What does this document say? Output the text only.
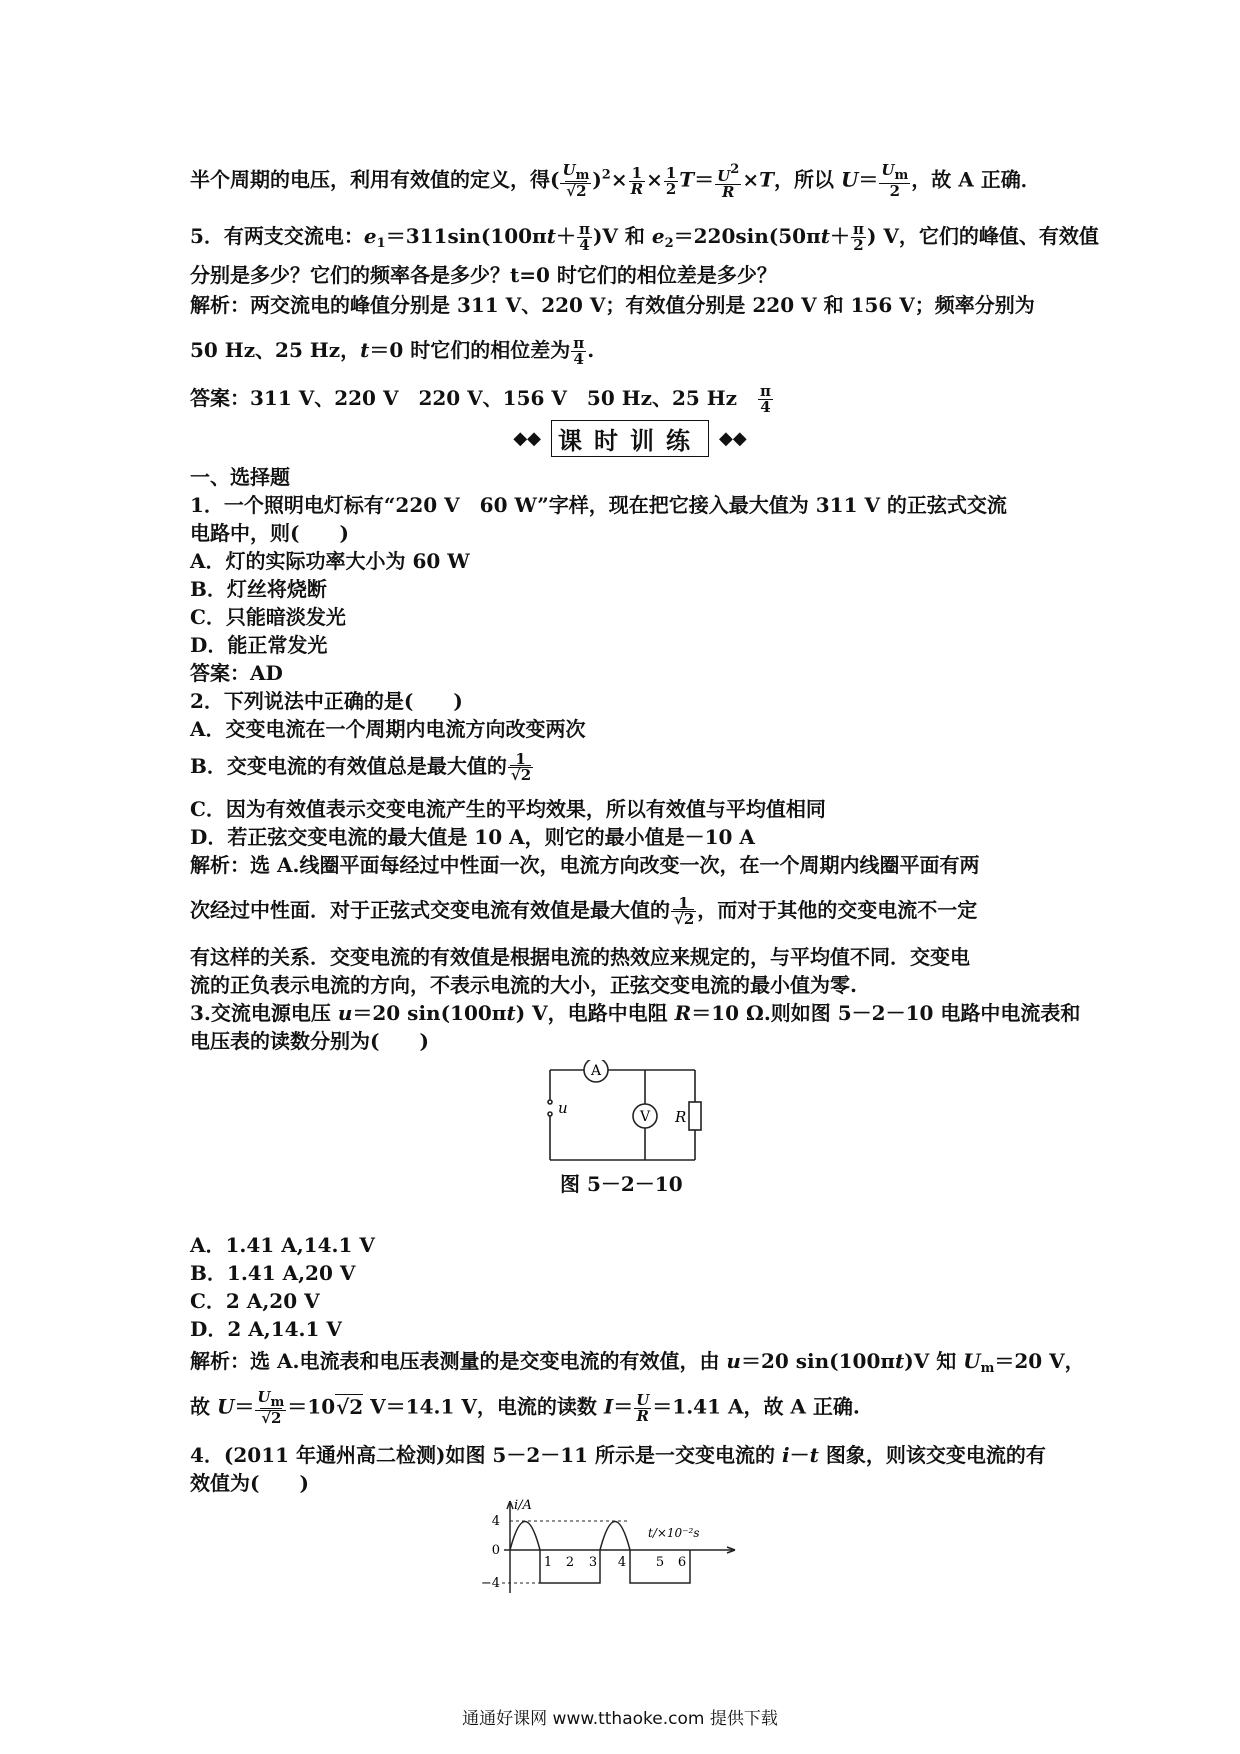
半个周期的电压，利用有效值的定义，得( $\frac{Um}{√2} )^2\times \frac{1}{R} \times \frac{1}{2} T= \frac{U2}{R} \times T$，所以 $U= \frac{Um}{2}$ ，故 A 正确．
5．有两支交流电：$e_1=311\sin(100\pi t+ \frac{\pi}{4} )V$ 和 $e_2=220\sin(50\pi t+ \frac{\pi}{2}$ ) V，它们的峰值、有效值
分别是多少？它们的频率各是多少？t=0 时它们的相位差是多少？
解析：两交流电的峰值分别是 311 V、220 V；有效值分别是 220 V 和 156 V；频率分别为
50 Hz、25 Hz，t＝0 时它们的相位差为 $\frac{\pi}{4}$ .
答案：311 V、220 V　220 V、156 V　50 Hz、25 Hz　 $\frac{\pi}{4}$
◆◆ 课时训练 ◆◆
一、选择题
1．一个照明电灯标有“220 V　60 W”字样，现在把它接入最大值为 311 V 的正弦式交流
电路中，则(　　)
A．灯的实际功率大小为 60 W
B．灯丝将烧断
C．只能暗淡发光
D．能正常发光
答案：AD
2．下列说法中正确的是(　　)
A．交变电流在一个周期内电流方向改变两次
B．交变电流的有效值总是最大值的 $\frac{1}{√2}$
C．因为有效值表示交变电流产生的平均效果，所以有效值与平均值相同
D．若正弦交变电流的最大值是 10 A，则它的最小值是－10 A
解析：选 A.线圈平面每经过中性面一次，电流方向改变一次，在一个周期内线圈平面有两
次经过中性面．对于正弦式交变电流有效值是最大值的 $\frac{1}{√2}$ ，而对于其他的交变电流不一定
有这样的关系．交变电流的有效值是根据电流的热效应来规定的，与平均值不同．交变电
流的正负表示电流的方向，不表示电流的大小，正弦交变电流的最小值为零.
3.交流电源电压 u＝20 sin(100πt) V，电路中电阻 R＝10 Ω.则如图 5－2－10 电路中电流表和
电压表的读数分别为(　　)
A
V R
u
图 5－2－10
A．1.41 A,14.1 V
B．1.41 A,20 V
C．2 A,20 V
D．2 A,14.1 V
解析：选 A.电流表和电压表测量的是交变电流的有效值，由 u＝20 sin(100πt)V 知 $U_m=20$ V，
故 $U= \frac{Um}{√2} =10√2$ V＝14.1 V，电流的读数 $I= \frac{U}{R} =1.41$ A，故 A 正确.
4．(2011 年通州高二检测)如图 5－2－11 所示是一交变电流的 i－t 图象，则该交变电流的有
效值为(　　)
i/A
t/×10⁻²s
4
0
−4
1 2 3 4 5 6
通通好课网 www.tthaoke.com 提供下载
